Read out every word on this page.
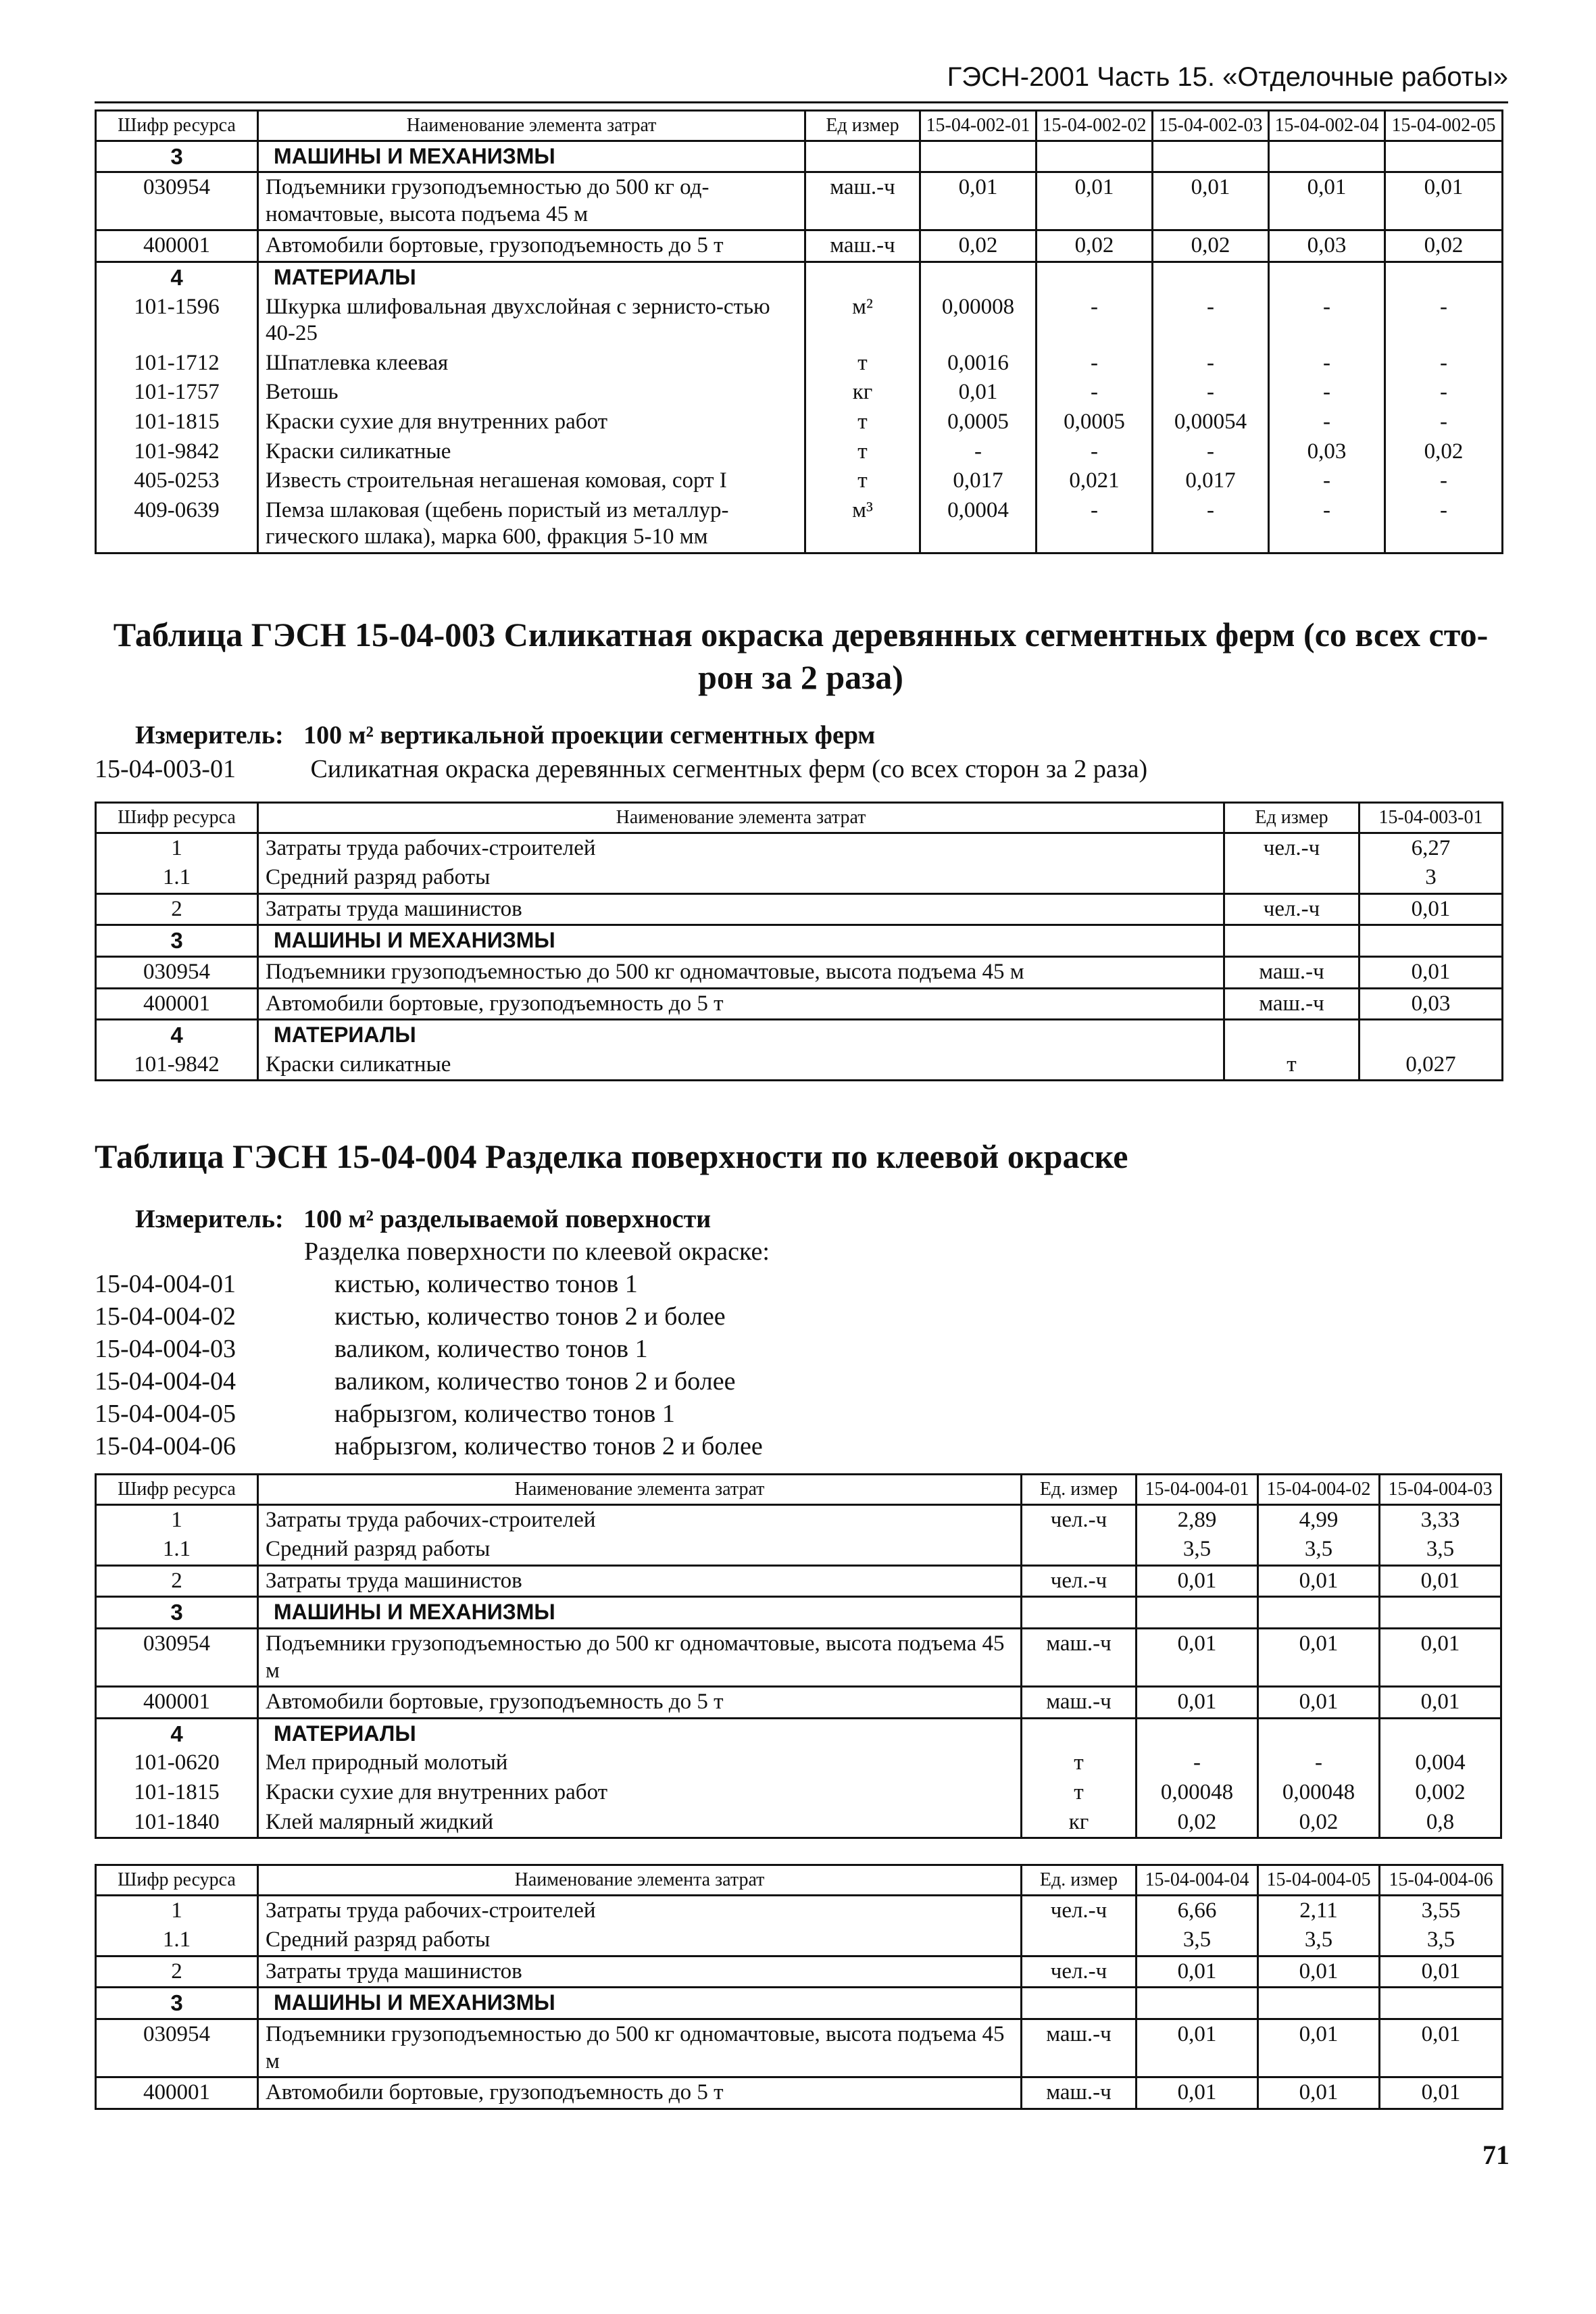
ГЭСН-2001 Часть 15. «Отделочные работы»
Шифр ресурса	Наименование элемента затрат	Ед измер	15-04-002-01	15-04-002-02	15-04-002-03	15-04-002-04	15-04-002-05
3	МАШИНЫ И МЕХАНИЗМЫ						
030954	Подъемники грузоподъемностью до 500 кг од-номачтовые, высота подъема 45 м	маш.-ч	0,01	0,01	0,01	0,01	0,01
400001	Автомобили бортовые, грузоподъемность до 5 т	маш.-ч	0,02	0,02	0,02	0,03	0,02
4	МАТЕРИАЛЫ						
101-1596	Шкурка шлифовальная двухслойная с зернисто-стью 40-25	м²	0,00008	-	-	-	-
101-1712	Шпатлевка клеевая	т	0,0016	-	-	-	-
101-1757	Ветошь	кг	0,01	-	-	-	-
101-1815	Краски сухие для внутренних работ	т	0,0005	0,0005	0,00054	-	-
101-9842	Краски силикатные	т	-	-	-	0,03	0,02
405-0253	Известь строительная негашеная комовая, сорт I	т	0,017	0,021	0,017	-	-
409-0639	Пемза шлаковая (щебень пористый из металлур-гического шлака), марка 600, фракция 5-10 мм	м³	0,0004	-	-	-	-
Таблица ГЭСН 15-04-003 Силикатная окраска деревянных сегментных ферм (со всех сто-
рон за 2 раза)
Измеритель: 100 м² вертикальной проекции сегментных ферм
15-04-003-01	Силикатная окраска деревянных сегментных ферм (со всех сторон за 2 раза)
Шифр ресурса	Наименование элемента затрат	Ед измер	15-04-003-01
1	Затраты труда рабочих-строителей	чел.-ч	6,27
1.1	Средний разряд работы		3
2	Затраты труда машинистов	чел.-ч	0,01
3	МАШИНЫ И МЕХАНИЗМЫ		
030954	Подъемники грузоподъемностью до 500 кг одномачтовые, высота подъема 45 м	маш.-ч	0,01
400001	Автомобили бортовые, грузоподъемность до 5 т	маш.-ч	0,03
4	МАТЕРИАЛЫ		
101-9842	Краски силикатные	т	0,027
Таблица ГЭСН 15-04-004 Разделка поверхности по клеевой окраске
Измеритель: 100 м² разделываемой поверхности
Разделка поверхности по клеевой окраске:
15-04-004-01	кистью, количество тонов 1
15-04-004-02	кистью, количество тонов 2 и более
15-04-004-03	валиком, количество тонов 1
15-04-004-04	валиком, количество тонов 2 и более
15-04-004-05	набрызгом, количество тонов 1
15-04-004-06	набрызгом, количество тонов 2 и более
Шифр ресурса	Наименование элемента затрат	Ед. измер	15-04-004-01	15-04-004-02	15-04-004-03
1	Затраты труда рабочих-строителей	чел.-ч	2,89	4,99	3,33
1.1	Средний разряд работы		3,5	3,5	3,5
2	Затраты труда машинистов	чел.-ч	0,01	0,01	0,01
3	МАШИНЫ И МЕХАНИЗМЫ				
030954	Подъемники грузоподъемностью до 500 кг одномачтовые, высота подъема 45 м	маш.-ч	0,01	0,01	0,01
400001	Автомобили бортовые, грузоподъемность до 5 т	маш.-ч	0,01	0,01	0,01
4	МАТЕРИАЛЫ				
101-0620	Мел природный молотый	т	-	-	0,004
101-1815	Краски сухие для внутренних работ	т	0,00048	0,00048	0,002
101-1840	Клей малярный жидкий	кг	0,02	0,02	0,8
Шифр ресурса	Наименование элемента затрат	Ед. измер	15-04-004-04	15-04-004-05	15-04-004-06
1	Затраты труда рабочих-строителей	чел.-ч	6,66	2,11	3,55
1.1	Средний разряд работы		3,5	3,5	3,5
2	Затраты труда машинистов	чел.-ч	0,01	0,01	0,01
3	МАШИНЫ И МЕХАНИЗМЫ				
030954	Подъемники грузоподъемностью до 500 кг одномачтовые, высота подъема 45 м	маш.-ч	0,01	0,01	0,01
400001	Автомобили бортовые, грузоподъемность до 5 т	маш.-ч	0,01	0,01	0,01
71
